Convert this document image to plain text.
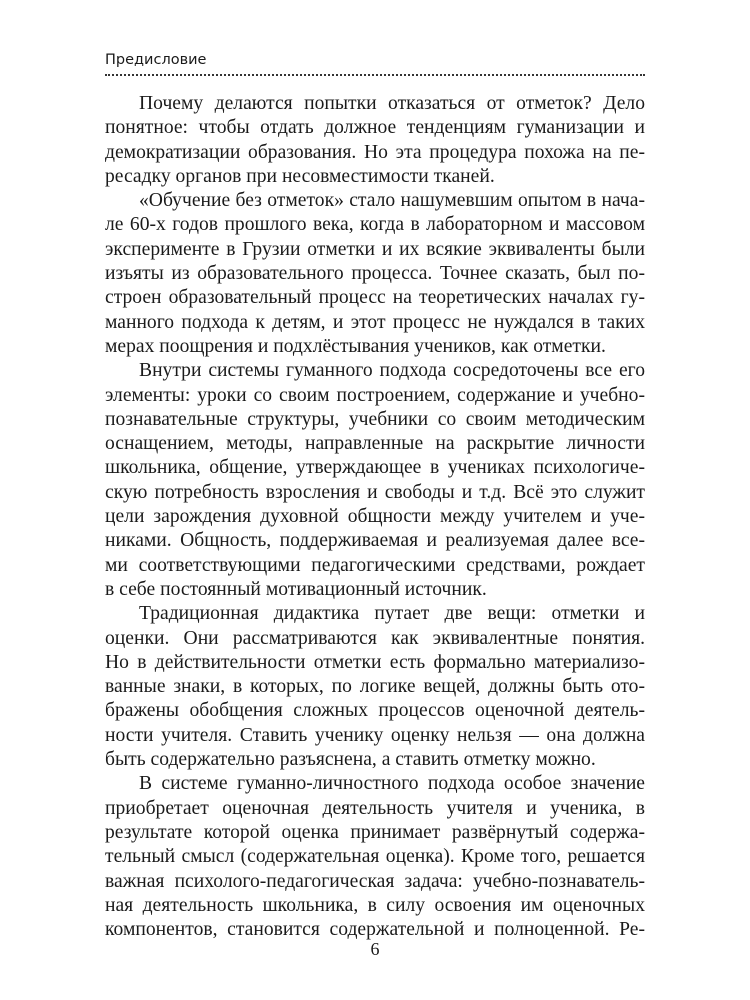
Предисловие
Почему делаются попытки отказаться от отметок? Дело
понятное: чтобы отдать должное тенденциям гуманизации и
демократизации образования. Но эта процедура похожа на пе-
ресадку органов при несовместимости тканей.
«Обучение без отметок» стало нашумевшим опытом в нача-
ле 60-х годов прошлого века, когда в лабораторном и массовом
эксперименте в Грузии отметки и их всякие эквиваленты были
изъяты из образовательного процесса. Точнее сказать, был по-
строен образовательный процесс на теоретических началах гу-
манного подхода к детям, и этот процесс не нуждался в таких
мерах поощрения и подхлёстывания учеников, как отметки.
Внутри системы гуманного подхода сосредоточены все его
элементы: уроки со своим построением, содержание и учебно-
познавательные структуры, учебники со своим методическим
оснащением, методы, направленные на раскрытие личности
школьника, общение, утверждающее в учениках психологиче-
скую потребность взросления и свободы и т.д. Всё это служит
цели зарождения духовной общности между учителем и уче-
никами. Общность, поддерживаемая и реализуемая далее все-
ми соответствующими педагогическими средствами, рождает
в себе постоянный мотивационный источник.
Традиционная дидактика путает две вещи: отметки и
оценки. Они рассматриваются как эквивалентные понятия.
Но в действительности отметки есть формально материализо-
ванные знаки, в которых, по логике вещей, должны быть ото-
бражены обобщения сложных процессов оценочной деятель-
ности учителя. Ставить ученику оценку нельзя — она должна
быть содержательно разъяснена, а ставить отметку можно.
В системе гуманно-личностного подхода особое значение
приобретает оценочная деятельность учителя и ученика, в
результате которой оценка принимает развёрнутый содержа-
тельный смысл (содержательная оценка). Кроме того, решается
важная психолого-педагогическая задача: учебно-познаватель-
ная деятельность школьника, в силу освоения им оценочных
компонентов, становится содержательной и полноценной. Ре-
6
